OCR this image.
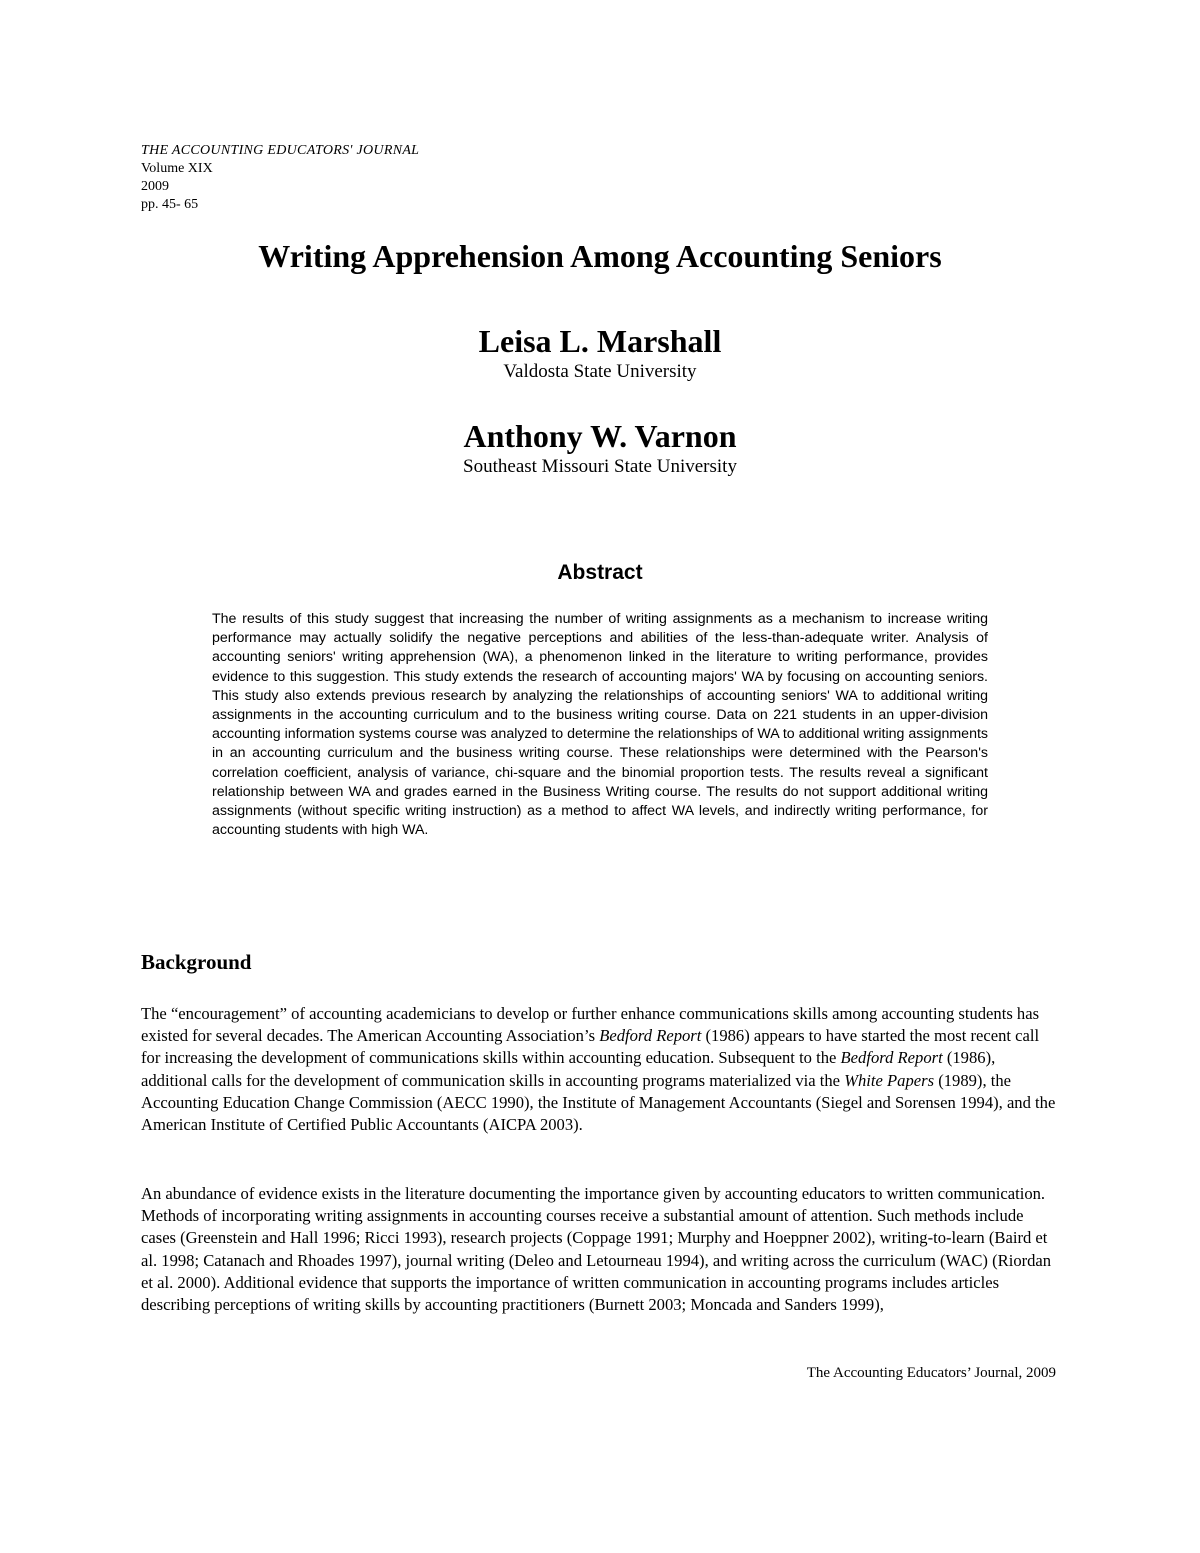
THE ACCOUNTING EDUCATORS' JOURNAL
Volume XIX
2009
pp. 45- 65
Writing Apprehension Among Accounting Seniors

Leisa L. Marshall

Valdosta State University

Anthony W. Varnon

Southeast Missouri State University

Abstract

The results of this study suggest that increasing the number of writing assignments as a mechanism to increase writing performance may actually solidify the negative perceptions and abilities of the less-than-adequate writer. Analysis of accounting seniors' writing apprehension (WA), a phenomenon linked in the literature to writing performance, provides evidence to this suggestion. This study extends the research of accounting majors' WA by focusing on accounting seniors. This study also extends previous research by analyzing the relationships of accounting seniors' WA to additional writing assignments in the accounting curriculum and to the business writing course. Data on 221 students in an upper-division accounting information systems course was analyzed to determine the relationships of WA to additional writing assignments in an accounting curriculum and the business writing course. These relationships were determined with the Pearson's correlation coefficient, analysis of variance, chi-square and the binomial proportion tests. The results reveal a significant relationship between WA and grades earned in the Business Writing course. The results do not support additional writing assignments (without specific writing instruction) as a method to affect WA levels, and indirectly writing performance, for accounting students with high WA.

Background

The “encouragement” of accounting academicians to develop or further enhance communications skills among accounting students has existed for several decades. The American Accounting Association’s Bedford Report (1986) appears to have started the most recent call for increasing the development of communications skills within accounting education. Subsequent to the Bedford Report (1986), additional calls for the development of communication skills in accounting programs materialized via the White Papers (1989), the Accounting Education Change Commission (AECC 1990), the Institute of Management Accountants (Siegel and Sorensen 1994), and the American Institute of Certified Public Accountants (AICPA 2003).

An abundance of evidence exists in the literature documenting the importance given by accounting educators to written communication. Methods of incorporating writing assignments in accounting courses receive a substantial amount of attention. Such methods include cases (Greenstein and Hall 1996; Ricci 1993), research projects (Coppage 1991; Murphy and Hoeppner 2002), writing-to-learn (Baird et al. 1998; Catanach and Rhoades 1997), journal writing (Deleo and Letourneau 1994), and writing across the curriculum (WAC) (Riordan et al. 2000). Additional evidence that supports the importance of written communication in accounting programs includes articles describing perceptions of writing skills by accounting practitioners (Burnett 2003; Moncada and Sanders 1999),

The Accounting Educators’ Journal, 2009
